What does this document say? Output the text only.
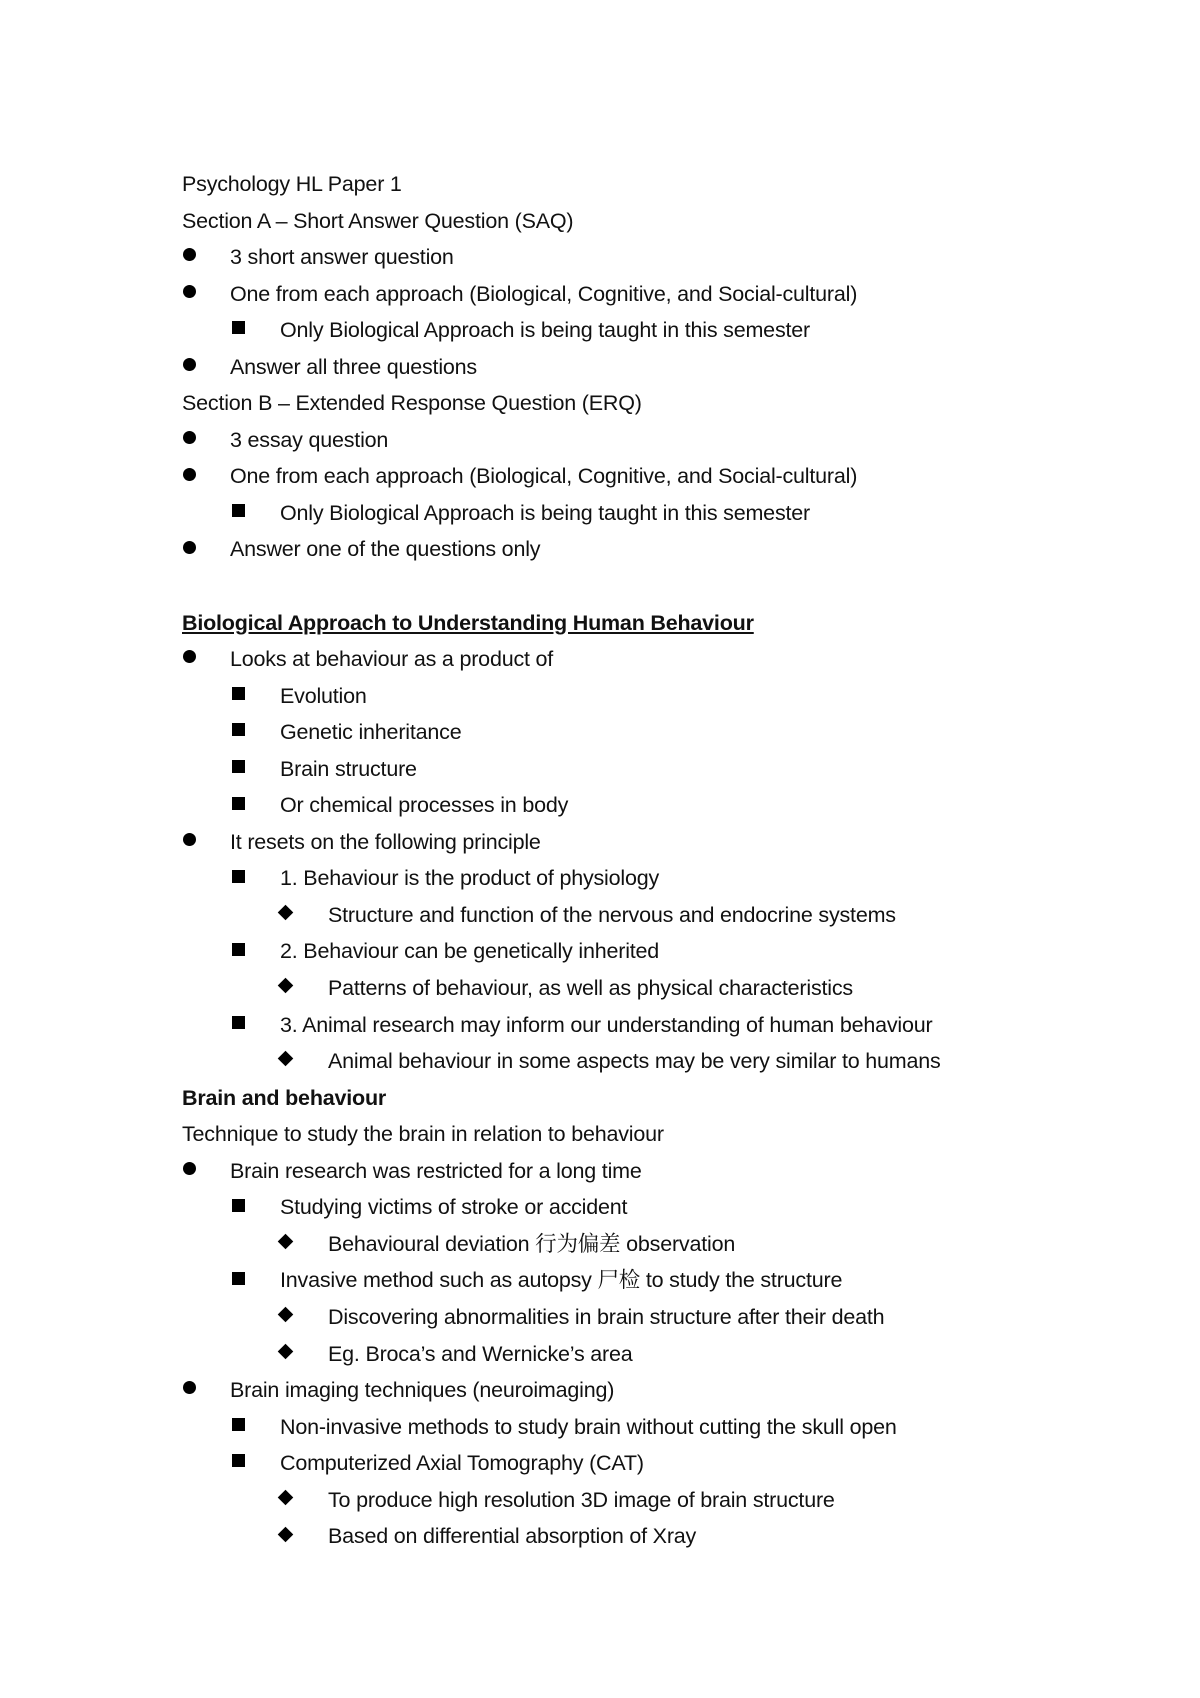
Psychology HL Paper 1
Section A – Short Answer Question (SAQ)
3 short answer question
One from each approach (Biological, Cognitive, and Social-cultural)
Only Biological Approach is being taught in this semester
Answer all three questions
Section B – Extended Response Question (ERQ)
3 essay question
One from each approach (Biological, Cognitive, and Social-cultural)
Only Biological Approach is being taught in this semester
Answer one of the questions only
Biological Approach to Understanding Human Behaviour
Looks at behaviour as a product of
Evolution
Genetic inheritance
Brain structure
Or chemical processes in body
It resets on the following principle
1. Behaviour is the product of physiology
Structure and function of the nervous and endocrine systems
2. Behaviour can be genetically inherited
Patterns of behaviour, as well as physical characteristics
3. Animal research may inform our understanding of human behaviour
Animal behaviour in some aspects may be very similar to humans
Brain and behaviour
Technique to study the brain in relation to behaviour
Brain research was restricted for a long time
Studying victims of stroke or accident
Behavioural deviation 行为偏差 observation
Invasive method such as autopsy 尸检 to study the structure
Discovering abnormalities in brain structure after their death
Eg. Broca’s and Wernicke’s area
Brain imaging techniques (neuroimaging)
Non-invasive methods to study brain without cutting the skull open
Computerized Axial Tomography (CAT)
To produce high resolution 3D image of brain structure
Based on differential absorption of Xray
